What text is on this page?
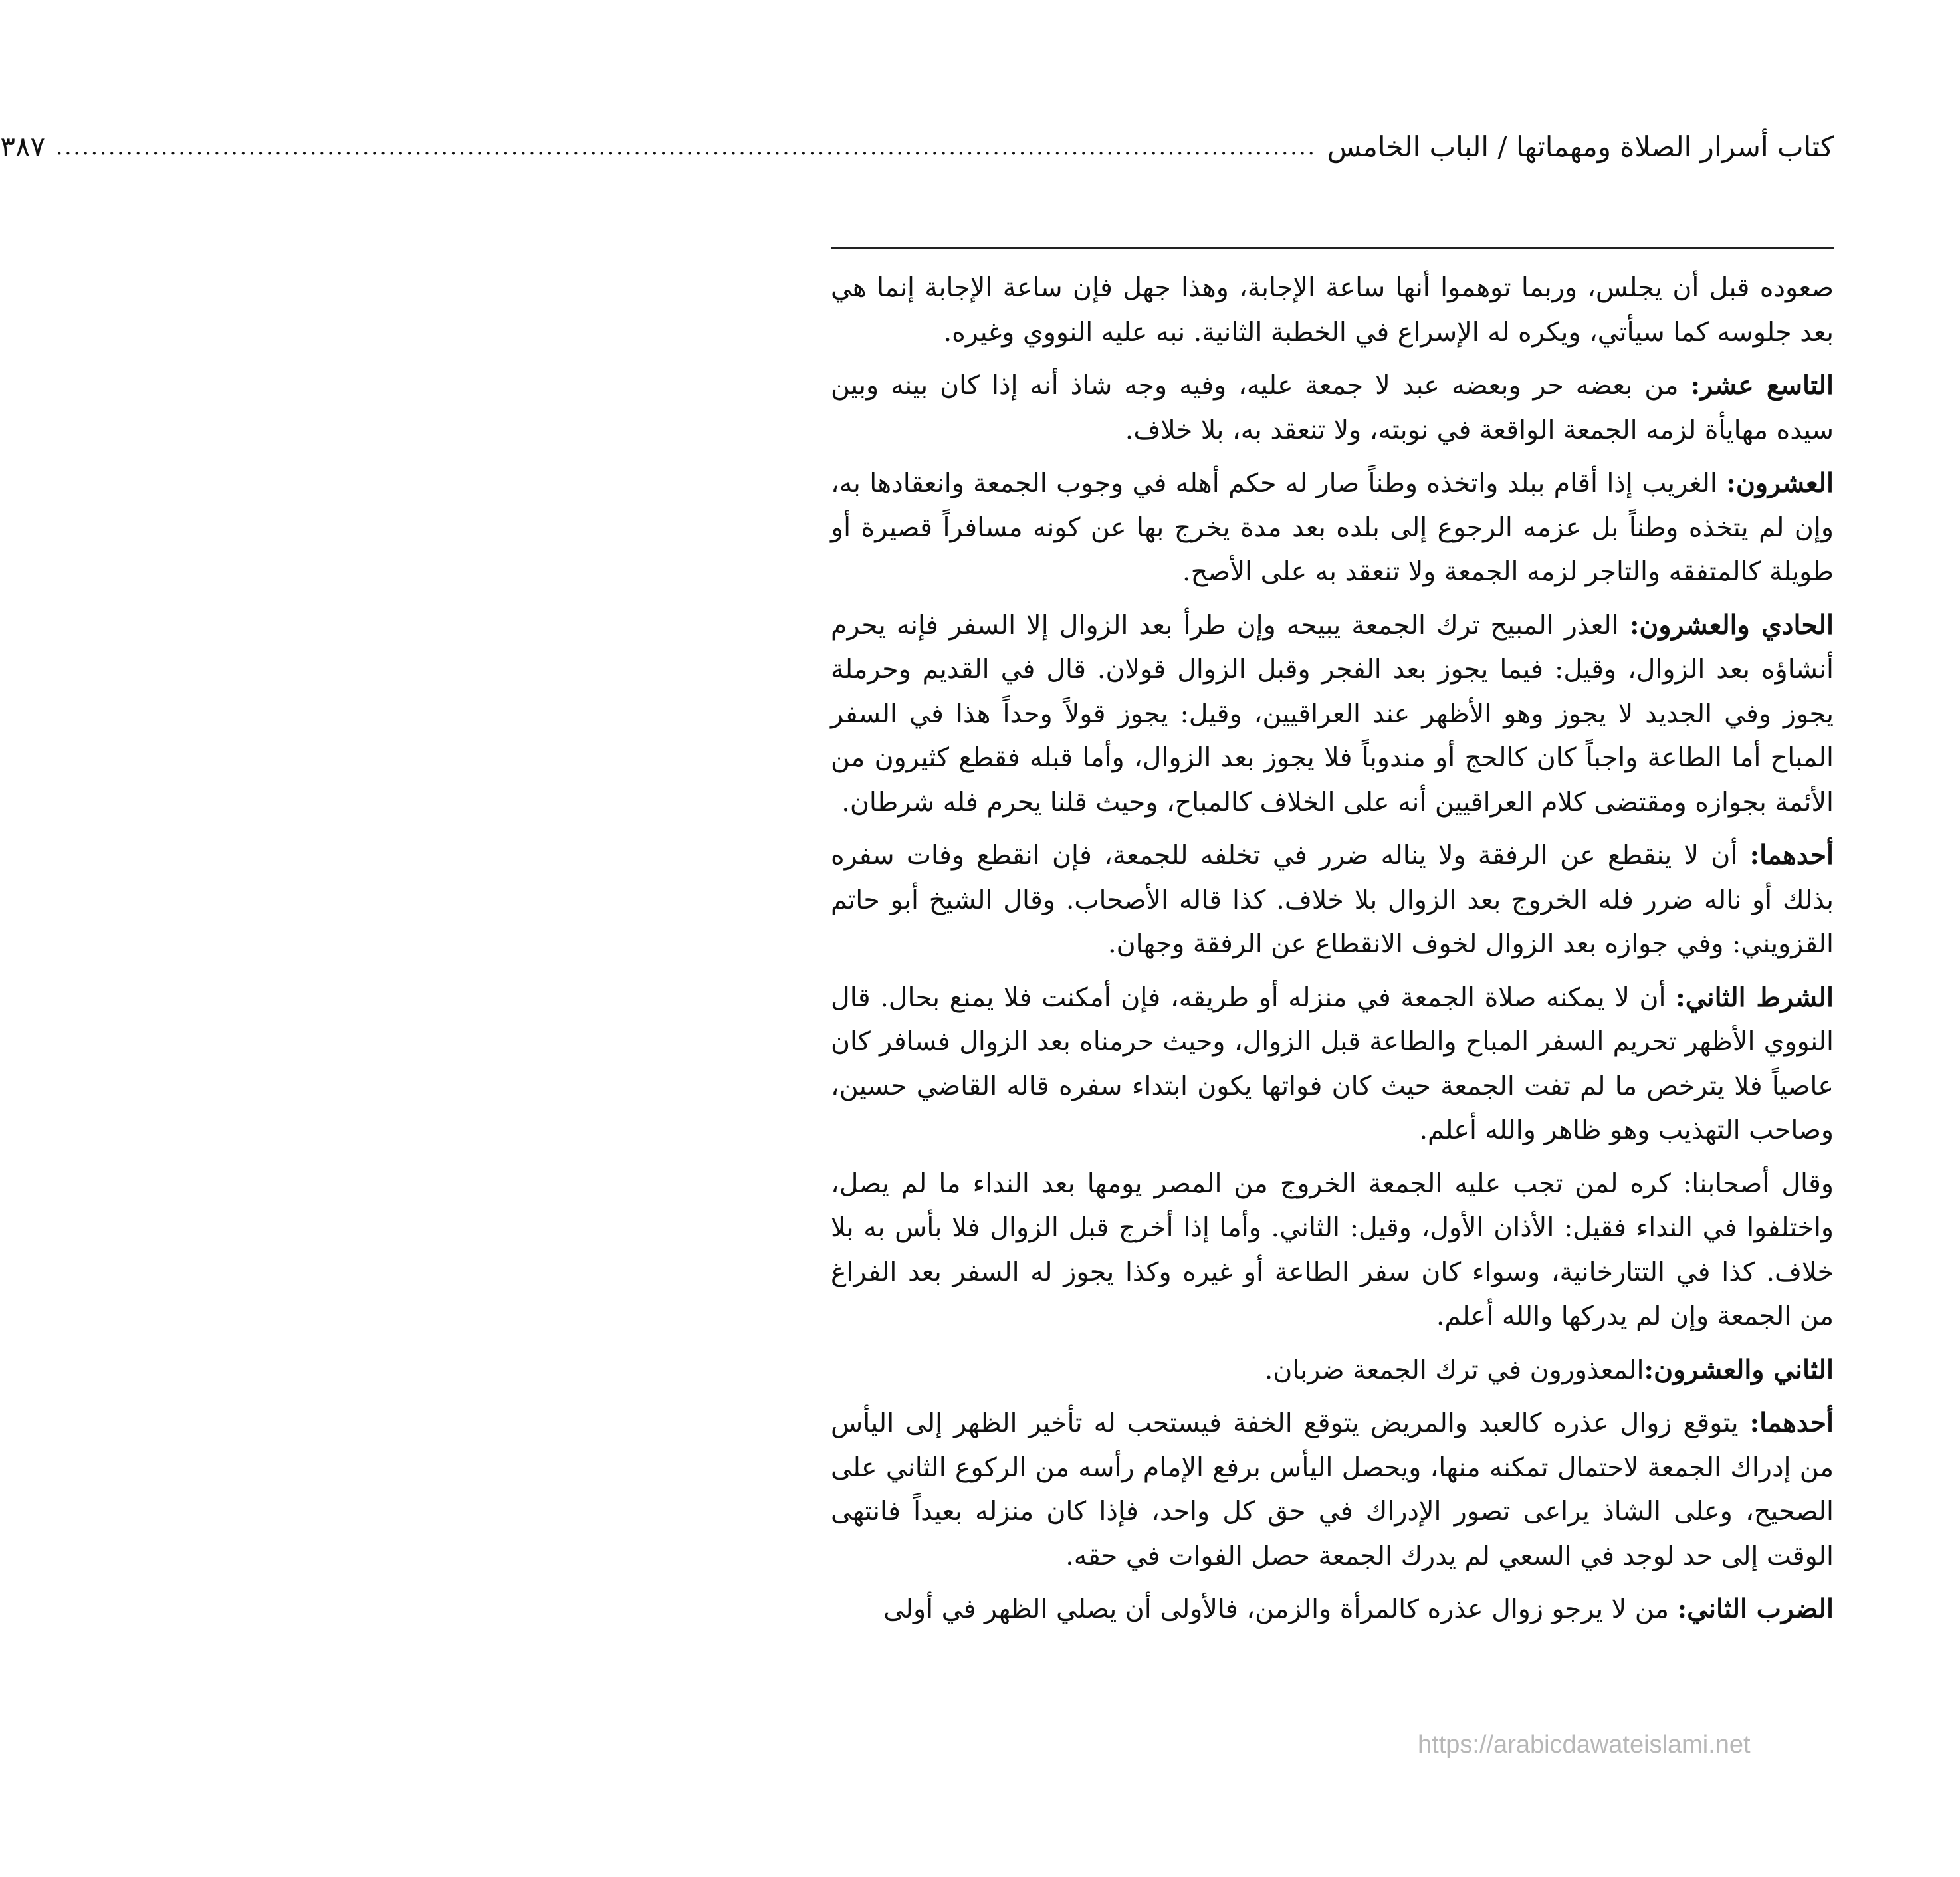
كتاب أسرار الصلاة ومهماتها / الباب الخامس
................................................................................................................................................
٣٨٧

صعوده قبل أن يجلس، وربما توهموا أنها ساعة الإجابة، وهذا جهل فإن ساعة الإجابة إنما هي بعد جلوسه كما سيأتي، ويكره له الإسراع في الخطبة الثانية. نبه عليه النووي وغيره.

التاسع عشر: من بعضه حر وبعضه عبد لا جمعة عليه، وفيه وجه شاذ أنه إذا كان بينه وبين سيده مهايأة لزمه الجمعة الواقعة في نوبته، ولا تنعقد به، بلا خلاف.

العشرون: الغريب إذا أقام ببلد واتخذه وطناً صار له حكم أهله في وجوب الجمعة وانعقادها به، وإن لم يتخذه وطناً بل عزمه الرجوع إلى بلده بعد مدة يخرج بها عن كونه مسافراً قصيرة أو طويلة كالمتفقه والتاجر لزمه الجمعة ولا تنعقد به على الأصح.

الحادي والعشرون: العذر المبيح ترك الجمعة يبيحه وإن طرأ بعد الزوال إلا السفر فإنه يحرم أنشاؤه بعد الزوال، وقيل: فيما يجوز بعد الفجر وقبل الزوال قولان. قال في القديم وحرملة يجوز وفي الجديد لا يجوز وهو الأظهر عند العراقيين، وقيل: يجوز قولاً وحداً هذا في السفر المباح أما الطاعة واجباً كان كالحج أو مندوباً فلا يجوز بعد الزوال، وأما قبله فقطع كثيرون من الأئمة بجوازه ومقتضى كلام العراقيين أنه على الخلاف كالمباح، وحيث قلنا يحرم فله شرطان.

أحدهما: أن لا ينقطع عن الرفقة ولا يناله ضرر في تخلفه للجمعة، فإن انقطع وفات سفره بذلك أو ناله ضرر فله الخروج بعد الزوال بلا خلاف. كذا قاله الأصحاب. وقال الشيخ أبو حاتم القزويني: وفي جوازه بعد الزوال لخوف الانقطاع عن الرفقة وجهان.

الشرط الثاني: أن لا يمكنه صلاة الجمعة في منزله أو طريقه، فإن أمكنت فلا يمنع بحال. قال النووي الأظهر تحريم السفر المباح والطاعة قبل الزوال، وحيث حرمناه بعد الزوال فسافر كان عاصياً فلا يترخص ما لم تفت الجمعة حيث كان فواتها يكون ابتداء سفره قاله القاضي حسين، وصاحب التهذيب وهو ظاهر والله أعلم.

وقال أصحابنا: كره لمن تجب عليه الجمعة الخروج من المصر يومها بعد النداء ما لم يصل، واختلفوا في النداء فقيل: الأذان الأول، وقيل: الثاني. وأما إذا أخرج قبل الزوال فلا بأس به بلا خلاف. كذا في التتارخانية، وسواء كان سفر الطاعة أو غيره وكذا يجوز له السفر بعد الفراغ من الجمعة وإن لم يدركها والله أعلم.

الثاني والعشرون:المعذورون في ترك الجمعة ضربان.

أحدهما: يتوقع زوال عذره كالعبد والمريض يتوقع الخفة فيستحب له تأخير الظهر إلى اليأس من إدراك الجمعة لاحتمال تمكنه منها، ويحصل اليأس برفع الإمام رأسه من الركوع الثاني على الصحيح، وعلى الشاذ يراعى تصور الإدراك في حق كل واحد، فإذا كان منزله بعيداً فانتهى الوقت إلى حد لوجد في السعي لم يدرك الجمعة حصل الفوات في حقه.

الضرب الثاني: من لا يرجو زوال عذره كالمرأة والزمن، فالأولى أن يصلي الظهر في أولى

https://arabicdawateislami.net
